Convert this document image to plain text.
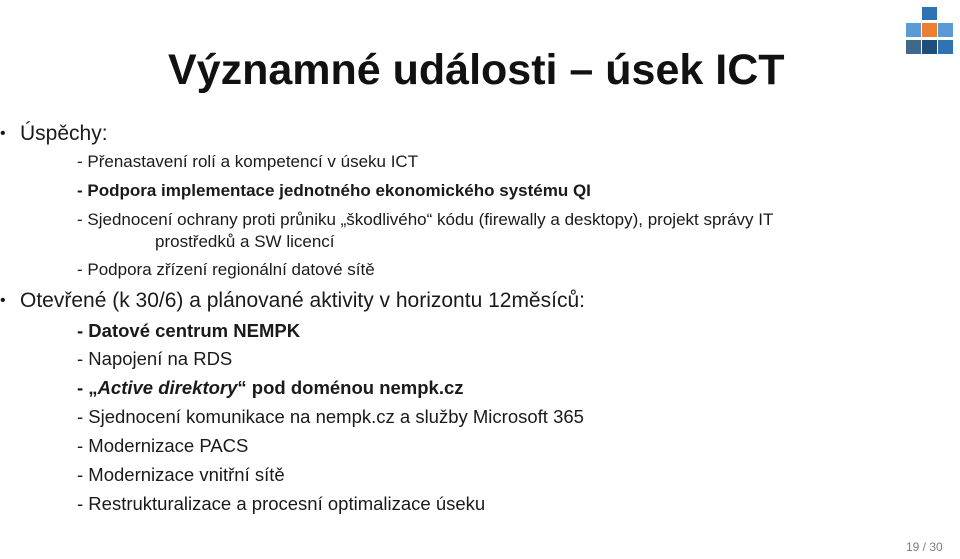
Významné události – úsek ICT
• Úspěchy:
- Přenastavení rolí a kompetencí v úseku ICT
- Podpora implementace jednotného ekonomického systému QI
- Sjednocení ochrany proti průniku „škodlivého“ kódu (firewally a desktopy), projekt správy IT
prostředků a SW licencí
- Podpora zřízení regionální datové sítě
• Otevřené (k 30/6) a plánované aktivity v horizontu 12měsíců:
- Datové centrum NEMPK
- Napojení na RDS
- „Active direktory“ pod doménou nempk.cz
- Sjednocení komunikace na nempk.cz a služby Microsoft 365
- Modernizace PACS
- Modernizace vnitřní sítě
- Restrukturalizace a procesní optimalizace úseku
19 / 30
